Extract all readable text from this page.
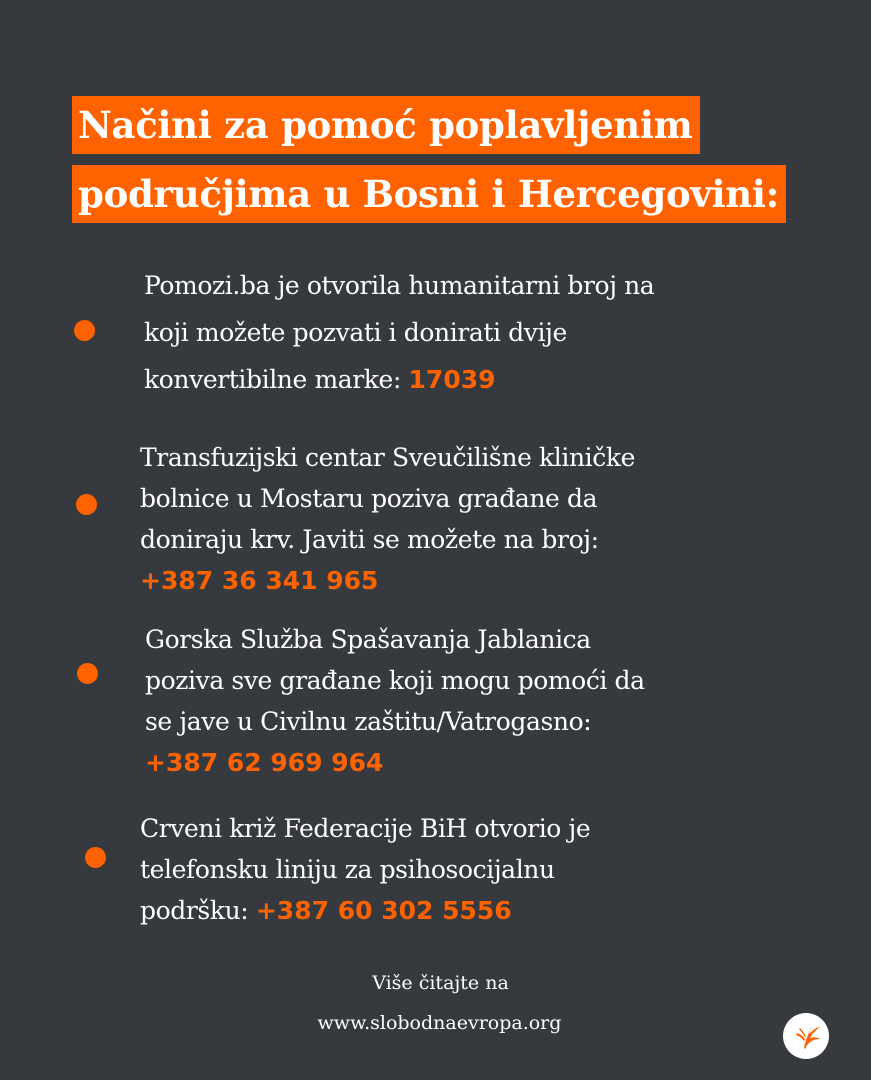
Načini za pomoć poplavljenim
područjima u Bosni i Hercegovini:
Pomozi.ba je otvorila humanitarni broj na
koji možete pozvati i donirati dvije
konvertibilne marke: 17039
Transfuzijski centar Sveučilišne kliničke
bolnice u Mostaru poziva građane da
doniraju krv. Javiti se možete na broj:
+387 36 341 965
Gorska Služba Spašavanja Jablanica
poziva sve građane koji mogu pomoći da
se jave u Civilnu zaštitu/Vatrogasno:
+387 62 969 964
Crveni križ Federacije BiH otvorio je
telefonsku liniju za psihosocijalnu
podršku: +387 60 302 5556
Više čitajte na
www.slobodnaevropa.org
